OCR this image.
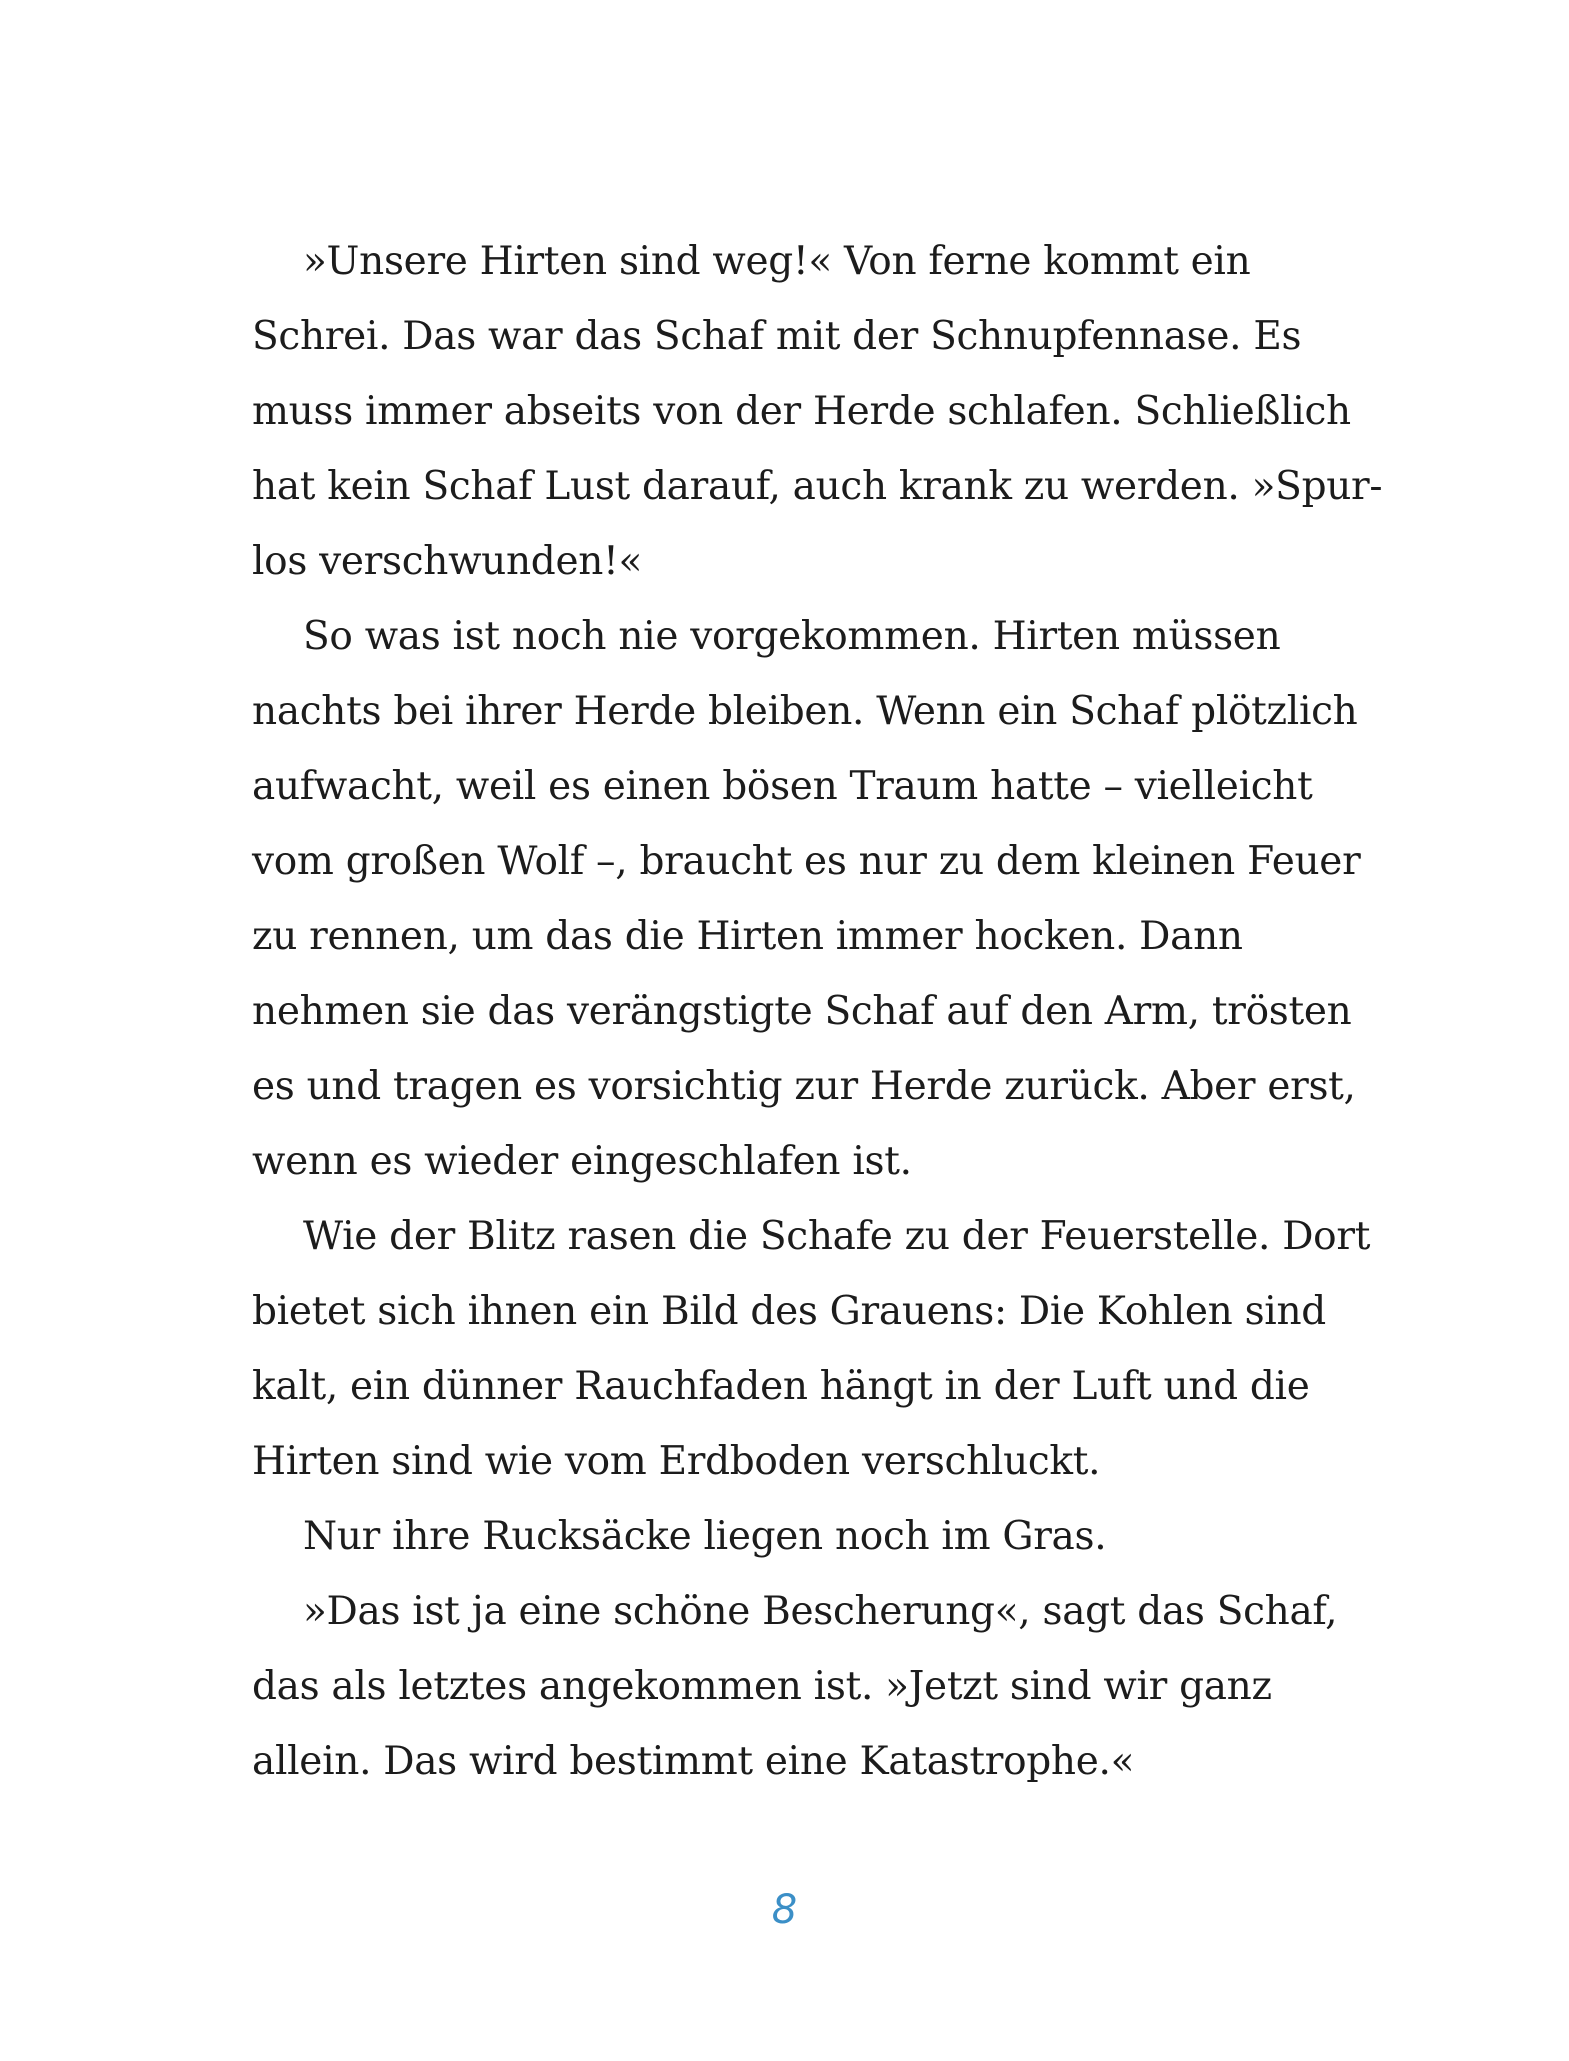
»Unsere Hirten sind weg!« Von ferne kommt ein
Schrei. Das war das Schaf mit der Schnupfennase. Es
muss immer abseits von der Herde schlafen. Schließlich
hat kein Schaf Lust darauf, auch krank zu werden. »Spur-
los verschwunden!«
So was ist noch nie vorgekommen. Hirten müssen
nachts bei ihrer Herde bleiben. Wenn ein Schaf plötzlich
aufwacht, weil es einen bösen Traum hatte – vielleicht
vom großen Wolf –, braucht es nur zu dem kleinen Feuer
zu rennen, um das die Hirten immer hocken. Dann
nehmen sie das verängstigte Schaf auf den Arm, trösten
es und tragen es vorsichtig zur Herde zurück. Aber erst,
wenn es wieder eingeschlafen ist.
Wie der Blitz rasen die Schafe zu der Feuerstelle. Dort
bietet sich ihnen ein Bild des Grauens: Die Kohlen sind
kalt, ein dünner Rauchfaden hängt in der Luft und die
Hirten sind wie vom Erdboden verschluckt.
Nur ihre Rucksäcke liegen noch im Gras.
»Das ist ja eine schöne Bescherung«, sagt das Schaf,
das als letztes angekommen ist. »Jetzt sind wir ganz
allein. Das wird bestimmt eine Katastrophe.«
8
